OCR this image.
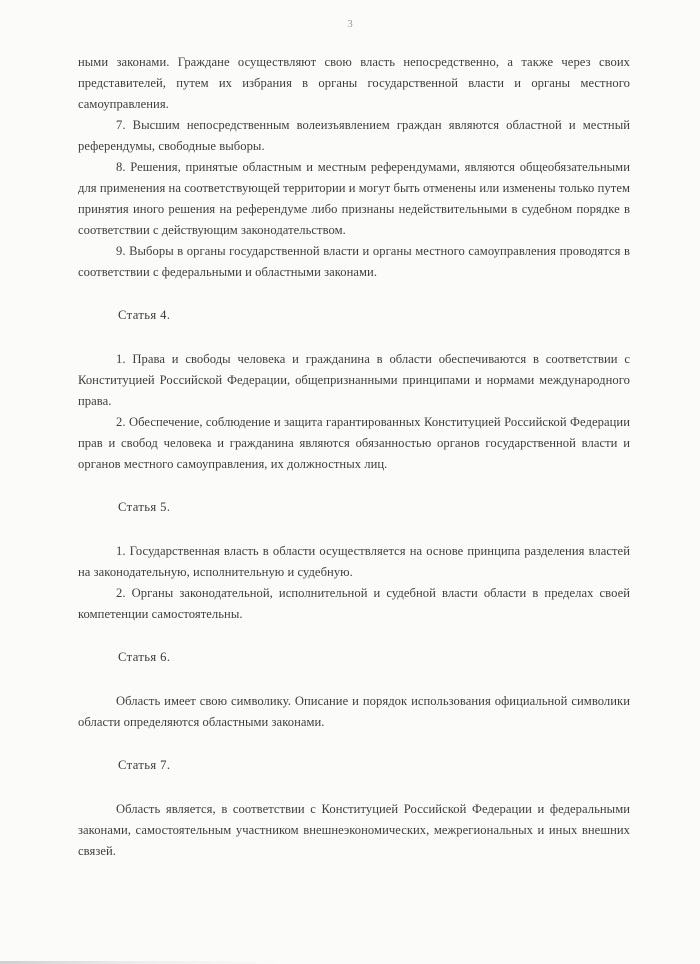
3

ными законами. Граждане осуществляют свою власть непосредственно, а также через своих представителей, путем их избрания в органы государственной власти и органы местного самоуправления.

7. Высшим непосредственным волеизъявлением граждан являются областной и местный референдумы, свободные выборы.

8. Решения, принятые областным и местным референдумами, являются общеобязательными для применения на соответствующей территории и могут быть отменены или изменены только путем принятия иного решения на референдуме либо признаны недействительными в судебном порядке в соответствии с действующим законодательством.

9. Выборы в органы государственной власти и органы местного самоуправления проводятся в соответствии с федеральными и областными законами.

Статья 4.

1. Права и свободы человека и гражданина в области обеспечиваются в соответствии с Конституцией Российской Федерации, общепризнанными принципами и нормами международного права.

2. Обеспечение, соблюдение и защита гарантированных Конституцией Российской Федерации прав и свобод человека и гражданина являются обязанностью органов государственной власти и органов местного самоуправления, их должностных лиц.

Статья 5.

1. Государственная власть в области осуществляется на основе принципа разделения властей на законодательную, исполнительную и судебную.

2. Органы законодательной, исполнительной и судебной власти области в пределах своей компетенции самостоятельны.

Статья 6.

Область имеет свою символику. Описание и порядок использования официальной символики области определяются областными законами.

Статья 7.

Область является, в соответствии с Конституцией Российской Федерации и федеральными законами, самостоятельным участником внешнеэкономических, межрегиональных и иных внешних связей.
